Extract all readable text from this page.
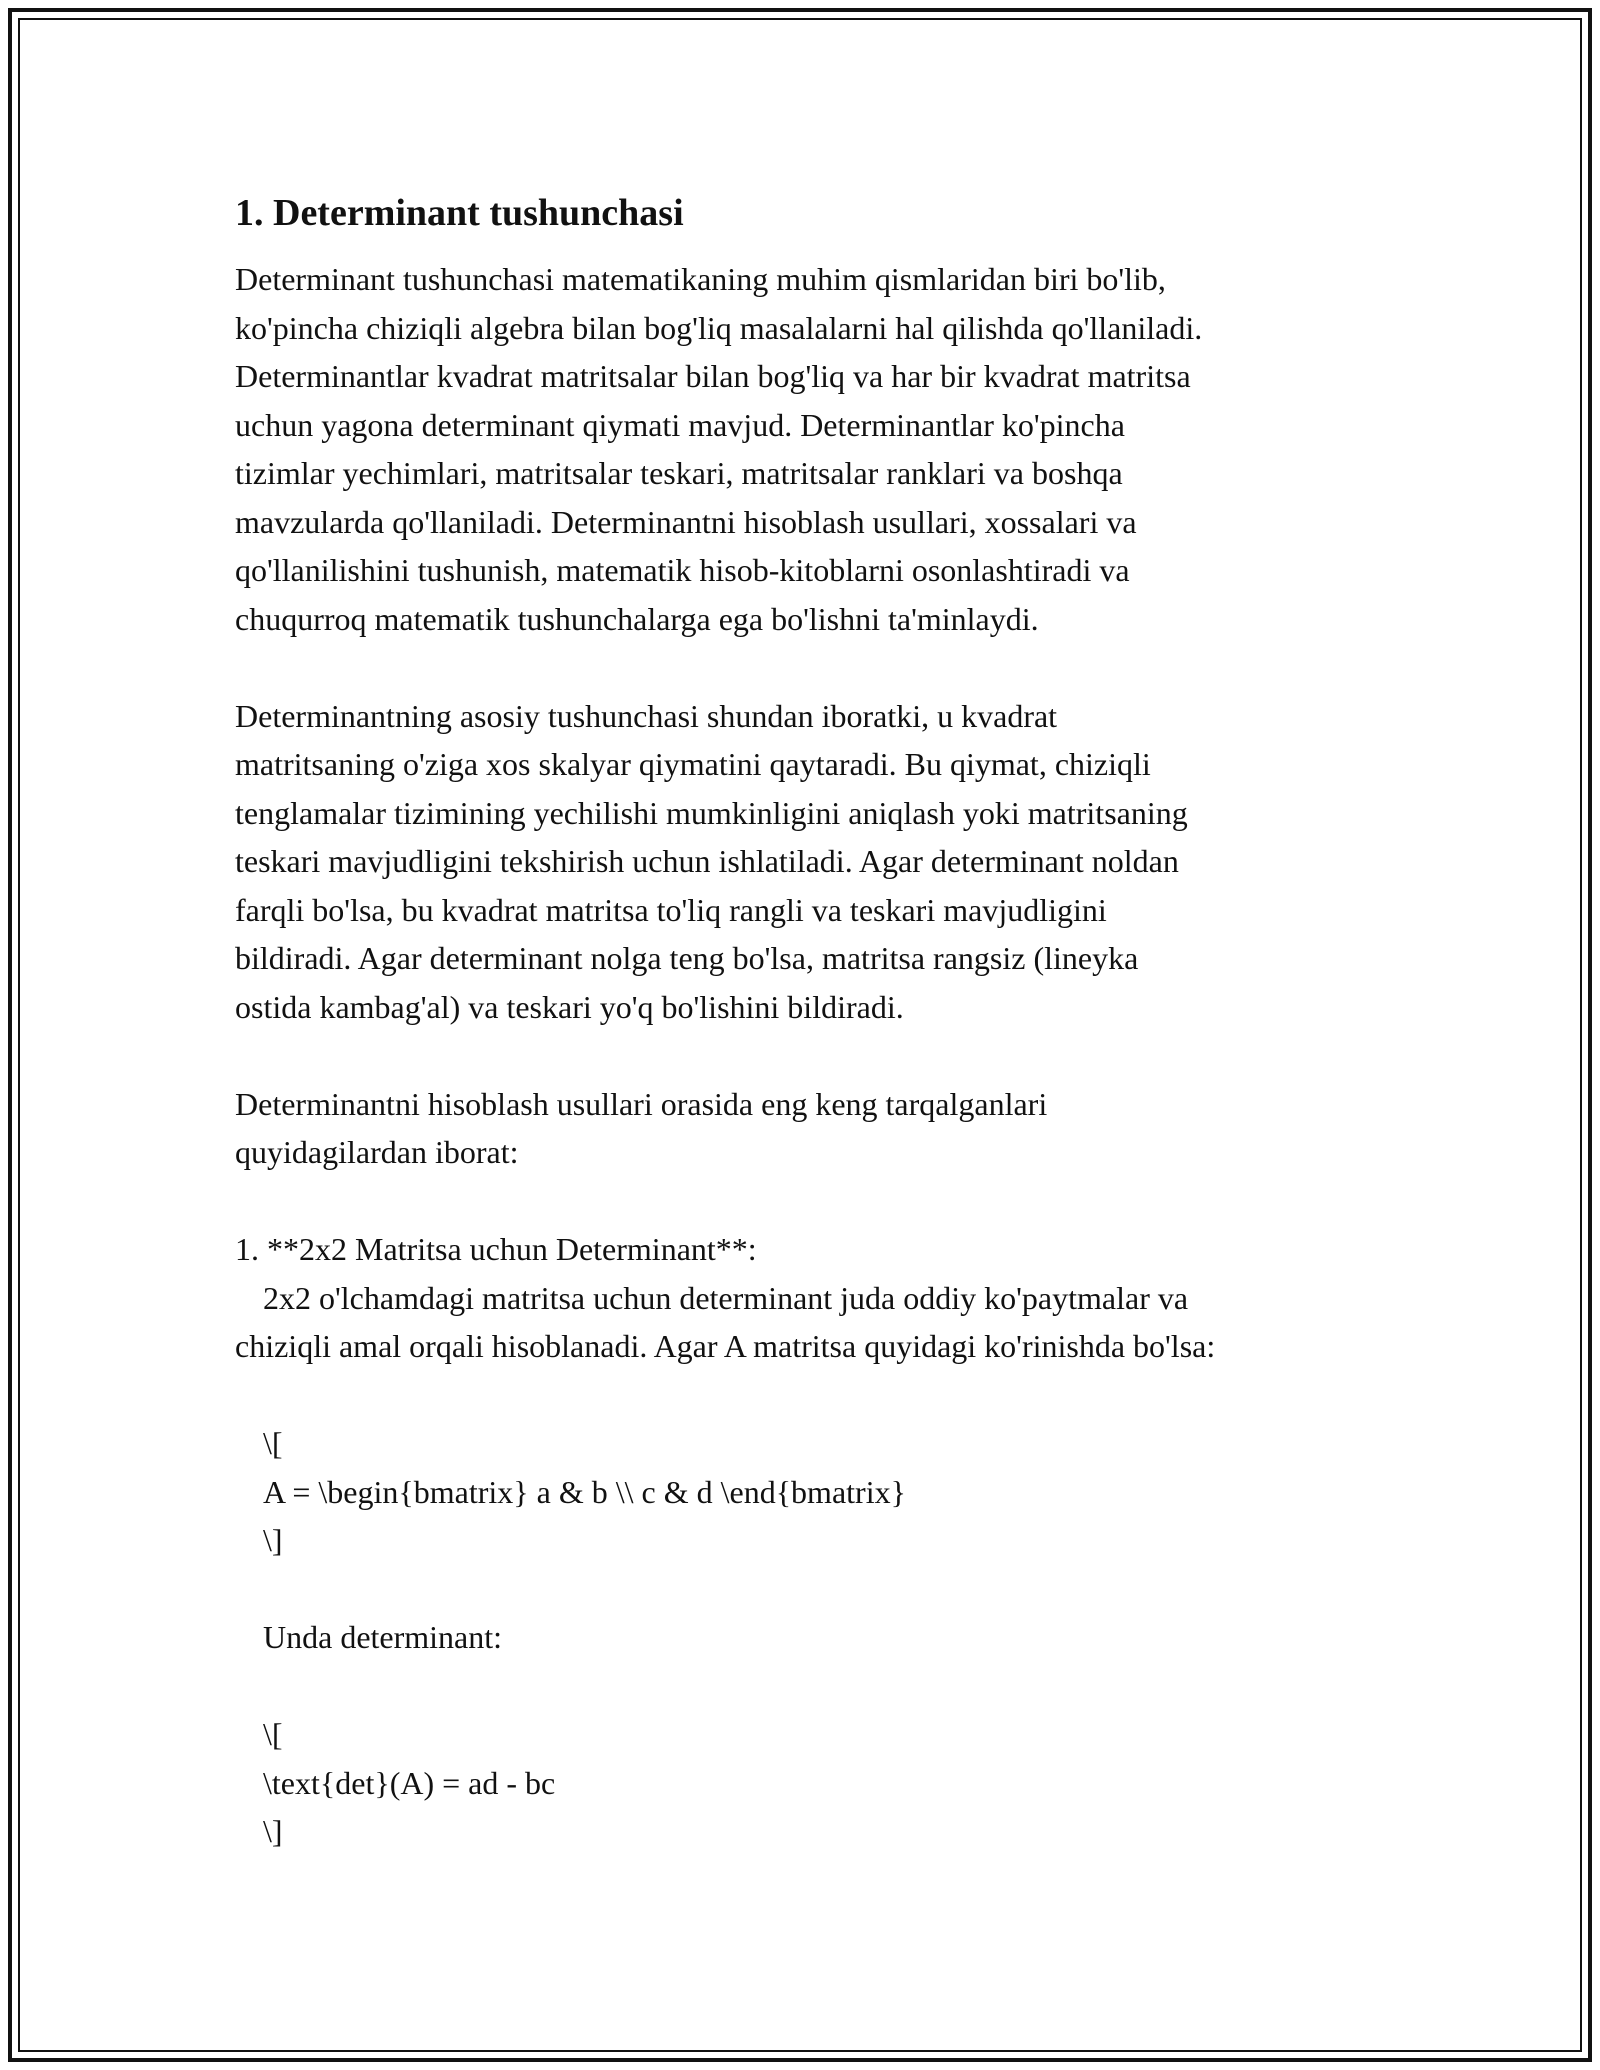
1. Determinant tushunchasi

Determinant tushunchasi matematikaning muhim qismlaridan biri bo'lib,
ko'pincha chiziqli algebra bilan bog'liq masalalarni hal qilishda qo'llaniladi.
Determinantlar kvadrat matritsalar bilan bog'liq va har bir kvadrat matritsa
uchun yagona determinant qiymati mavjud. Determinantlar ko'pincha
tizimlar yechimlari, matritsalar teskari, matritsalar ranklari va boshqa
mavzularda qo'llaniladi. Determinantni hisoblash usullari, xossalari va
qo'llanilishini tushunish, matematik hisob-kitoblarni osonlashtiradi va
chuqurroq matematik tushunchalarga ega bo'lishni ta'minlaydi.

Determinantning asosiy tushunchasi shundan iboratki, u kvadrat
matritsaning o'ziga xos skalyar qiymatini qaytaradi. Bu qiymat, chiziqli
tenglamalar tizimining yechilishi mumkinligini aniqlash yoki matritsaning
teskari mavjudligini tekshirish uchun ishlatiladi. Agar determinant noldan
farqli bo'lsa, bu kvadrat matritsa to'liq rangli va teskari mavjudligini
bildiradi. Agar determinant nolga teng bo'lsa, matritsa rangsiz (lineyka
ostida kambag'al) va teskari yo'q bo'lishini bildiradi.

Determinantni hisoblash usullari orasida eng keng tarqalganlari
quyidagilardan iborat:

1. **2x2 Matritsa uchun Determinant**:
2x2 o'lchamdagi matritsa uchun determinant juda oddiy ko'paytmalar va
chiziqli amal orqali hisoblanadi. Agar A matritsa quyidagi ko'rinishda bo'lsa:

\[
A = \begin{bmatrix} a & b \\ c & d \end{bmatrix}
\]

Unda determinant:

\[
\text{det}(A) = ad - bc
\]
